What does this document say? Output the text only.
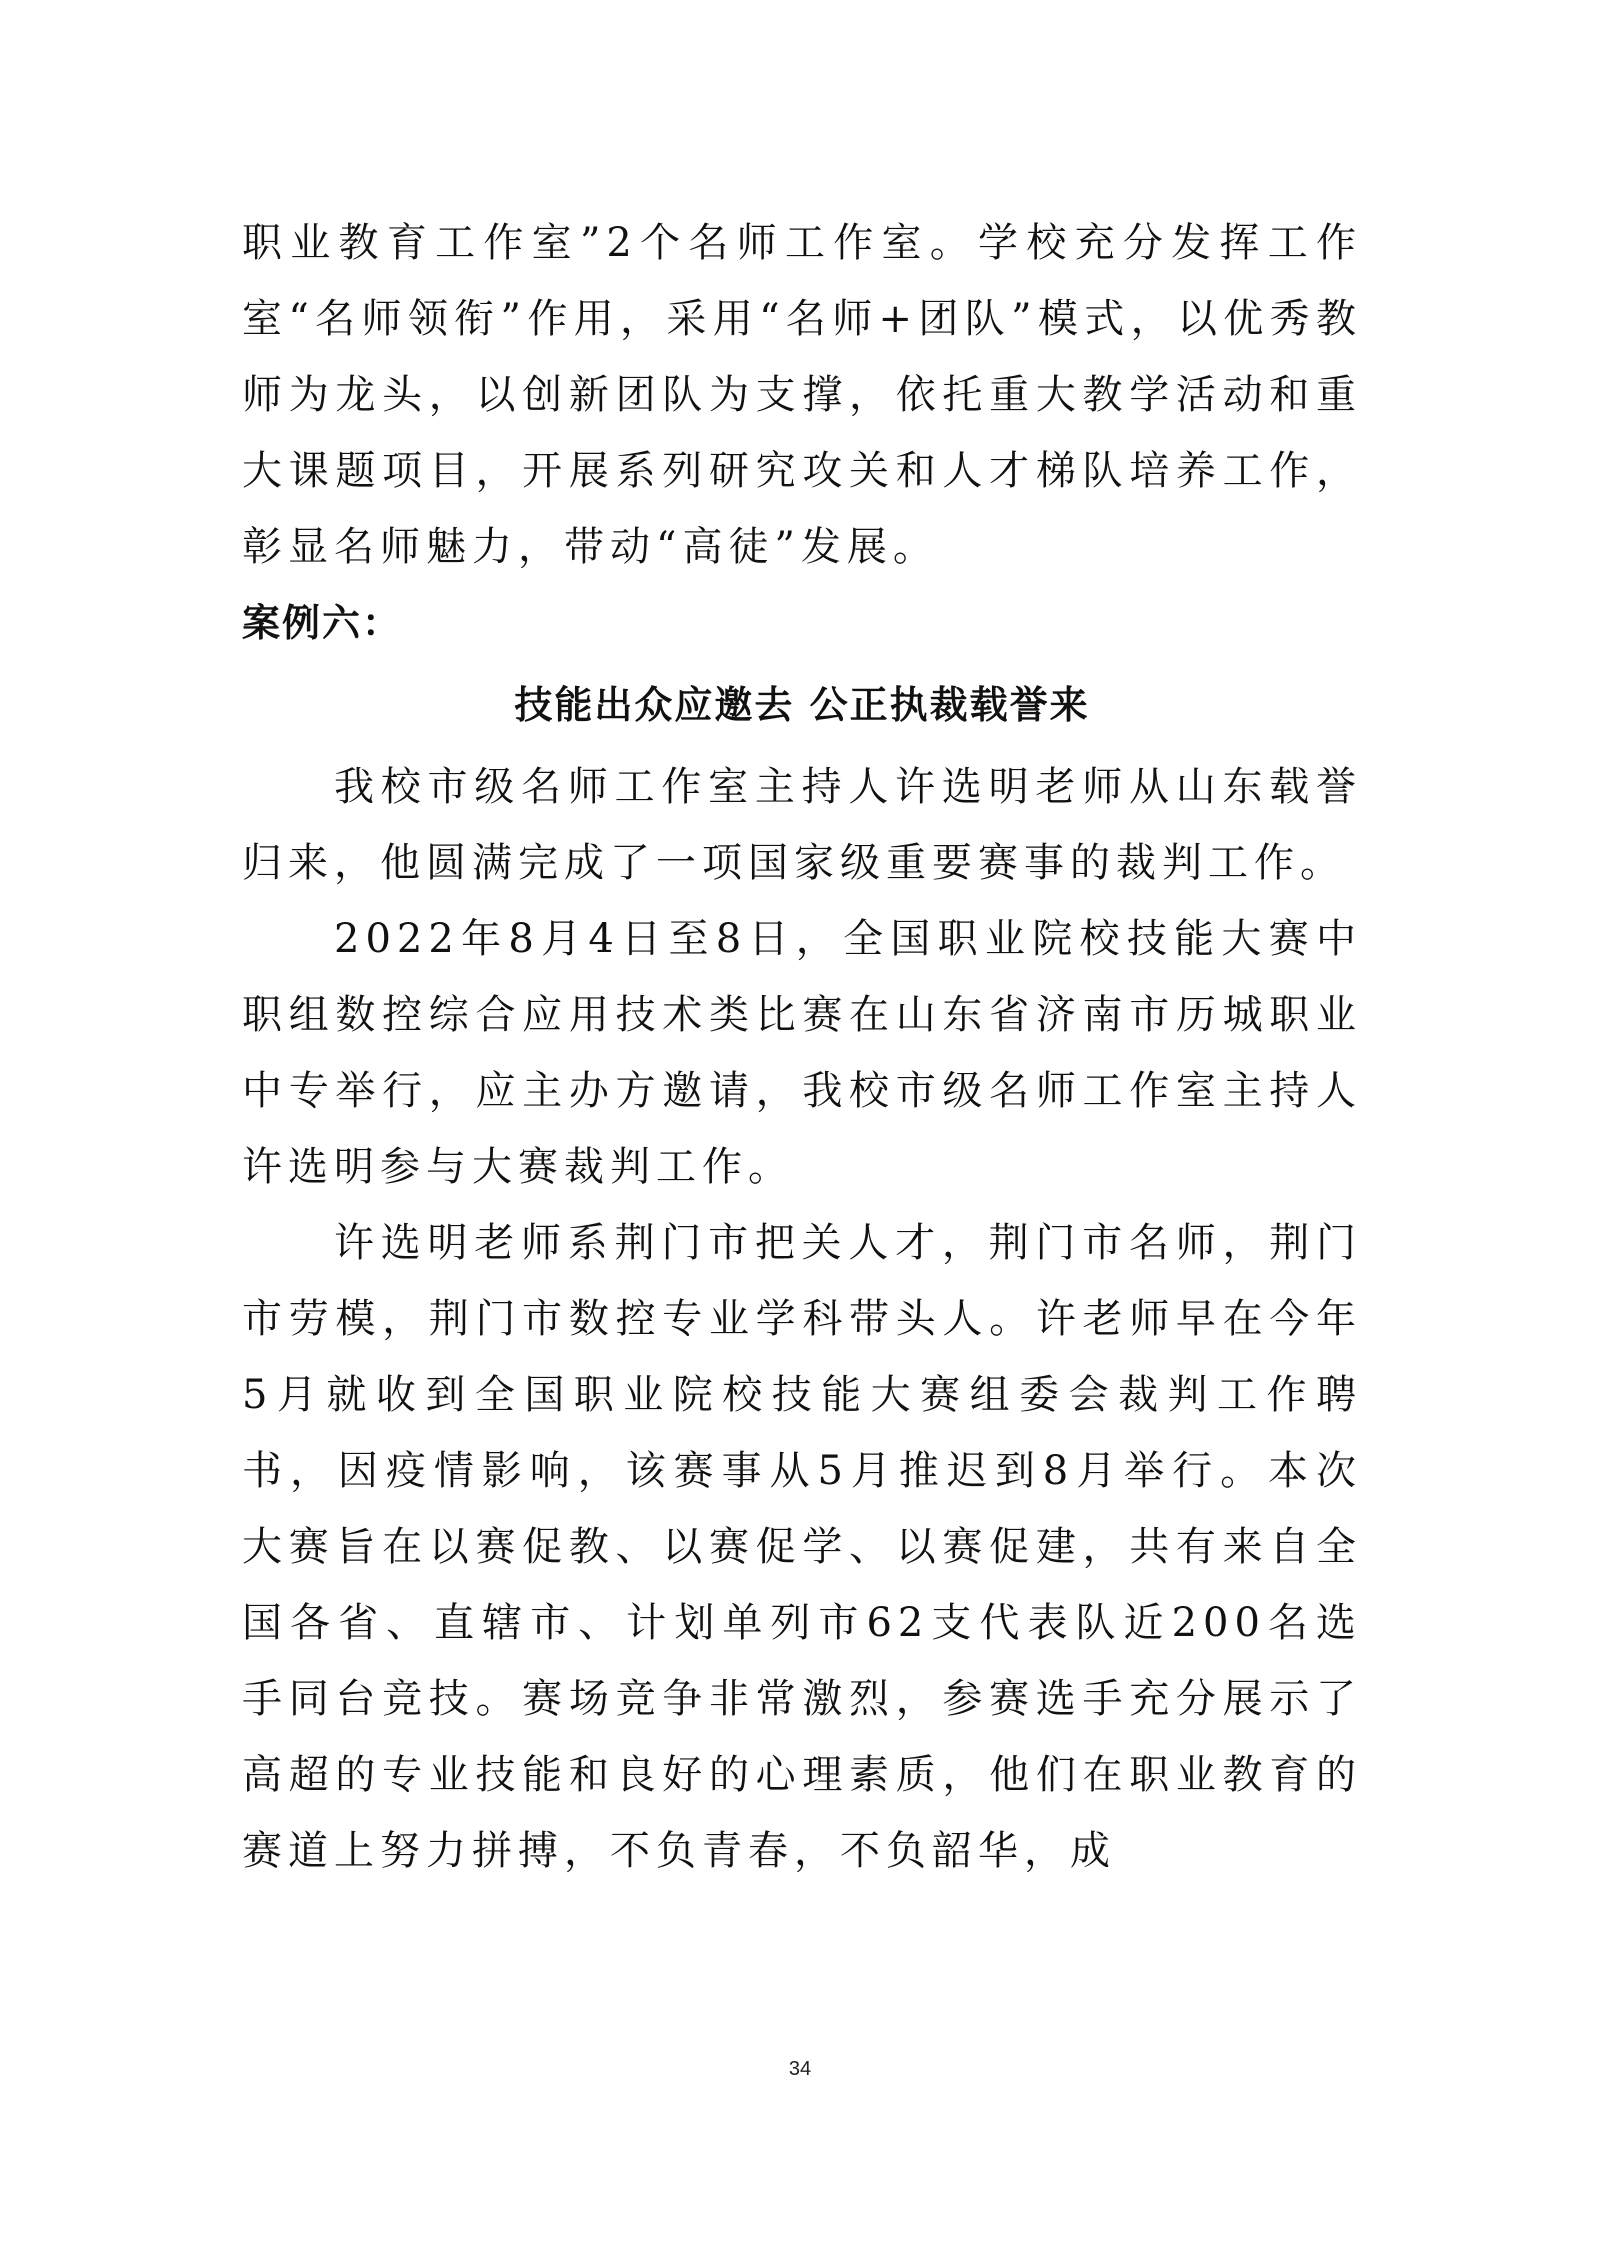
职业教育工作室”2个名师工作室。学校充分发挥工作室“名师领衔”作用，采用“名师+团队”模式，以优秀教师为龙头，以创新团队为支撑，依托重大教学活动和重大课题项目，开展系列研究攻关和人才梯队培养工作，彰显名师魅力，带动“高徒”发展。

案例六：

技能出众应邀去 公正执裁载誉来

我校市级名师工作室主持人许选明老师从山东载誉归来，他圆满完成了一项国家级重要赛事的裁判工作。

2022年8月4日至8日，全国职业院校技能大赛中职组数控综合应用技术类比赛在山东省济南市历城职业中专举行，应主办方邀请，我校市级名师工作室主持人许选明参与大赛裁判工作。

许选明老师系荆门市把关人才，荆门市名师，荆门市劳模，荆门市数控专业学科带头人。许老师早在今年5月就收到全国职业院校技能大赛组委会裁判工作聘书，因疫情影响，该赛事从5月推迟到8月举行。本次大赛旨在以赛促教、以赛促学、以赛促建，共有来自全国各省、直辖市、计划单列市62支代表队近200名选手同台竞技。赛场竞争非常激烈，参赛选手充分展示了高超的专业技能和良好的心理素质，他们在职业教育的赛道上努力拼搏，不负青春，不负韶华，成

34
